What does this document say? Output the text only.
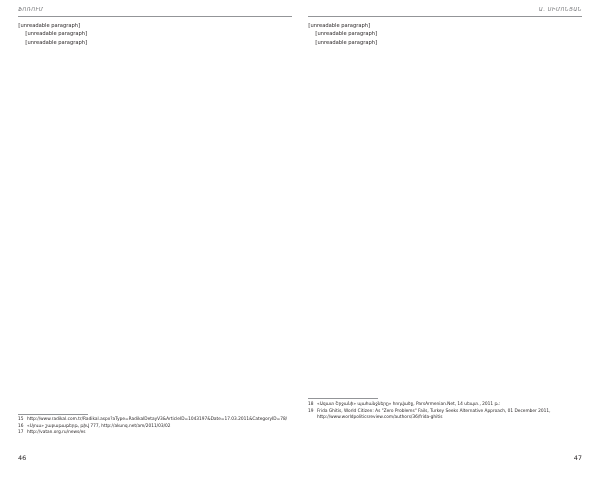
ՖՈՌՈՒՄ

⟦unreadable paragraph⟧

⟦unreadable paragraph⟧

⟦unreadable paragraph⟧

15 http://www.radikal.com.tr/Radikal.aspx?aType=RadikalDetayV3&ArticleID=1043197&Date=17.03.2011&CategoryID=78/
16 «Սյուս» շաբաթաթերթ, թիվ 777, http://akunq.net/am/2011/03/02
17 http://vatan.org.ru/news/es
46
Ա. ՍԻՄՈՆՅԱՆ

⟦unreadable paragraph⟧

⟦unreadable paragraph⟧

⟦unreadable paragraph⟧

18 «Ազատ Շրջանի» պահանջները» հոդվածը, ParsArmenian.Net, 14 սեպտ., 2011 թ.:
19 Frida Ghitis, World Citizen: As "Zero Problems" Fails, Turkey Seeks Alternative Approach, 01 December 2011, http://www.worldpoliticsreview.com/authors/36/frida-ghitis
47
